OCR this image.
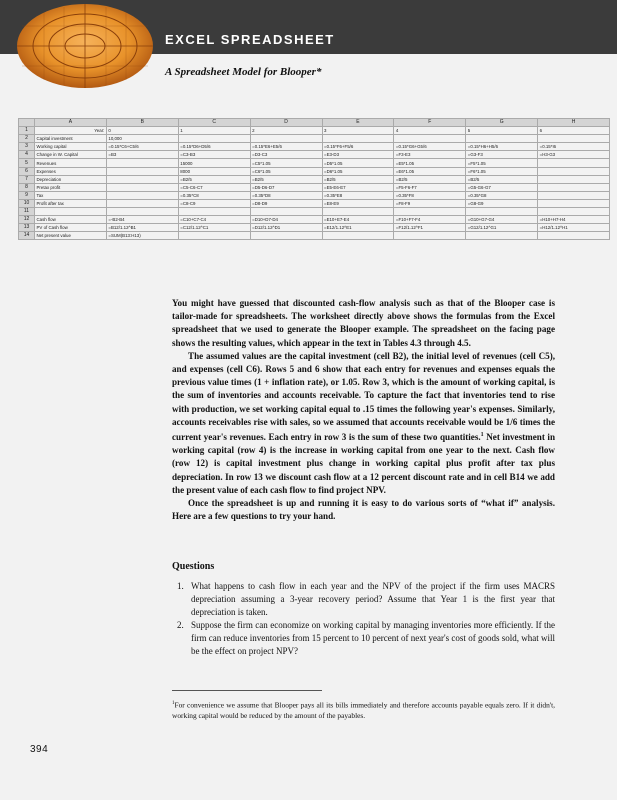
EXCEL SPREADSHEET
A Spreadsheet Model for Blooper*
	A	B	C	D	E	F	G	H
1	Year:	0	1	2	3	4	5	6
2	Capital investment	10,000						
3	Working capital	=0.15*C6+C5/6	=0.15*D6+D5/6	=0.15*E6+E5/6	=0.15*F6+F5/6	=0.15*G6+G5/6	=0.15*H6+H5/6	=0.15*I6
4	Change in W. Capital	=B3	=C3-B3	=D3-C3	=E3-D3	=F3-E3	=G3-F3	=H3-G3
5	Revenues		15000	=C5*1.05	=D5*1.05	=E5*1.05	=F5*1.05	
6	Expenses		8000	=C6*1.05	=D6*1.05	=E6*1.05	=F6*1.05	
7	Depreciation		=B2/5	=B2/5	=B2/5	=B2/5	=B2/5	
8	Pretax profit		=C5-C6-C7	=D5-D6-D7	=E5-E6-E7	=F5-F6-F7	=G5-G6-G7	
9	Tax		=0.35*C8	=0.35*D8	=0.35*E8	=0.35*F8	=0.35*G8	
10	Profit after tax		=C8-C9	=D8-D9	=E8-E9	=F8-F9	=G8-G9	
11								
12	Cash flow	=-B2-B4	=C10+C7-C4	=D10+D7-D4	=E10+E7-E4	=F10+F7-F4	=G10+G7-G4	=H10+H7-H4
13	PV of Cash flow	=B12/1.12^B1	=C12/1.12^C1	=D12/1.12^D1	=E12/1.12^E1	=F12/1.12^F1	=G12/1.12^G1	=H12/1.12^H1
14	Net present value	=SUM(B13:H13)						

You might have guessed that discounted cash-flow analysis such as that of the Blooper case is tailor-made for spreadsheets. The worksheet directly above shows the formulas from the Excel spreadsheet that we used to generate the Blooper example. The spreadsheet on the facing page shows the resulting values, which appear in the text in Tables 4.3 through 4.5.

The assumed values are the capital investment (cell B2), the initial level of revenues (cell C5), and expenses (cell C6). Rows 5 and 6 show that each entry for revenues and expenses equals the previous value times (1 + inflation rate), or 1.05. Row 3, which is the amount of working capital, is the sum of inventories and accounts receivable. To capture the fact that inventories tend to rise with production, we set working capital equal to .15 times the following year's expenses. Similarly, accounts receivables rise with sales, so we assumed that accounts receivable would be 1/6 times the current year's revenues. Each entry in row 3 is the sum of these two quantities.$^1$ Net investment in working capital (row 4) is the increase in working capital from one year to the next. Cash flow (row 12) is capital investment plus change in working capital plus profit after tax plus depreciation. In row 13 we discount cash flow at a 12 percent discount rate and in cell B14 we add the present value of each cash flow to find project NPV.

Once the spreadsheet is up and running it is easy to do various sorts of “what if” analysis. Here are a few questions to try your hand.

Questions
1. What happens to cash flow in each year and the NPV of the project if the firm uses MACRS depreciation assuming a 3-year recovery period? Assume that Year 1 is the first year that depreciation is taken.
2. Suppose the firm can economize on working capital by managing inventories more efficiently. If the firm can reduce inventories from 15 percent to 10 percent of next year's cost of goods sold, what will be the effect on project NPV?
$^1$For convenience we assume that Blooper pays all its bills immediately and therefore accounts payable equals zero. If it didn't, working capital would be reduced by the amount of the payables.
394
